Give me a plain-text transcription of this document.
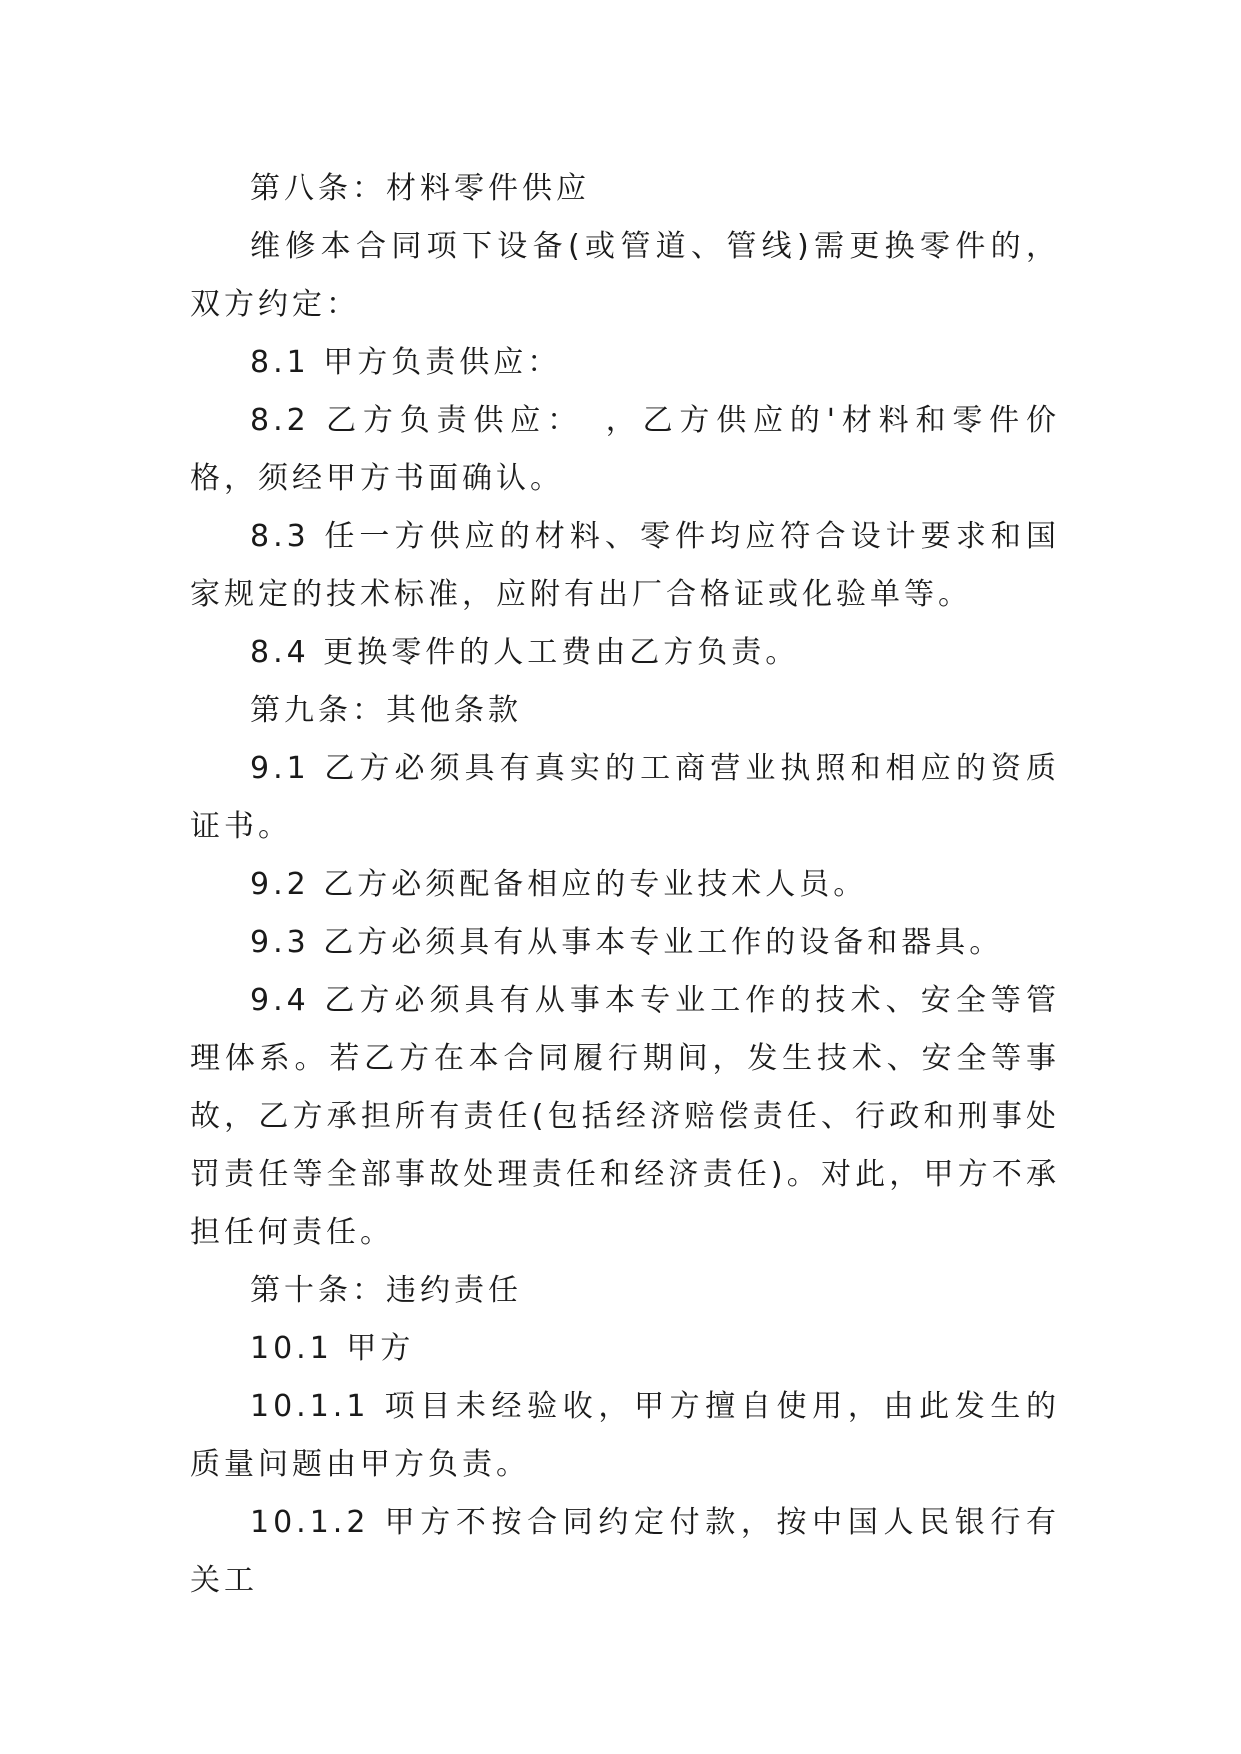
第八条：材料零件供应

维修本合同项下设备(或管道、管线)需更换零件的，双方约定：

8.1 甲方负责供应：

8.2 乙方负责供应：　，乙方供应的'材料和零件价格，须经甲方书面确认。

8.3 任一方供应的材料、零件均应符合设计要求和国家规定的技术标准，应附有出厂合格证或化验单等。

8.4 更换零件的人工费由乙方负责。

第九条：其他条款

9.1 乙方必须具有真实的工商营业执照和相应的资质证书。

9.2 乙方必须配备相应的专业技术人员。

9.3 乙方必须具有从事本专业工作的设备和器具。

9.4 乙方必须具有从事本专业工作的技术、安全等管理体系。若乙方在本合同履行期间，发生技术、安全等事故，乙方承担所有责任(包括经济赔偿责任、行政和刑事处罚责任等全部事故处理责任和经济责任)。对此，甲方不承担任何责任。

第十条：违约责任

10.1 甲方

10.1.1 项目未经验收，甲方擅自使用，由此发生的质量问题由甲方负责。

10.1.2 甲方不按合同约定付款，按中国人民银行有关工
